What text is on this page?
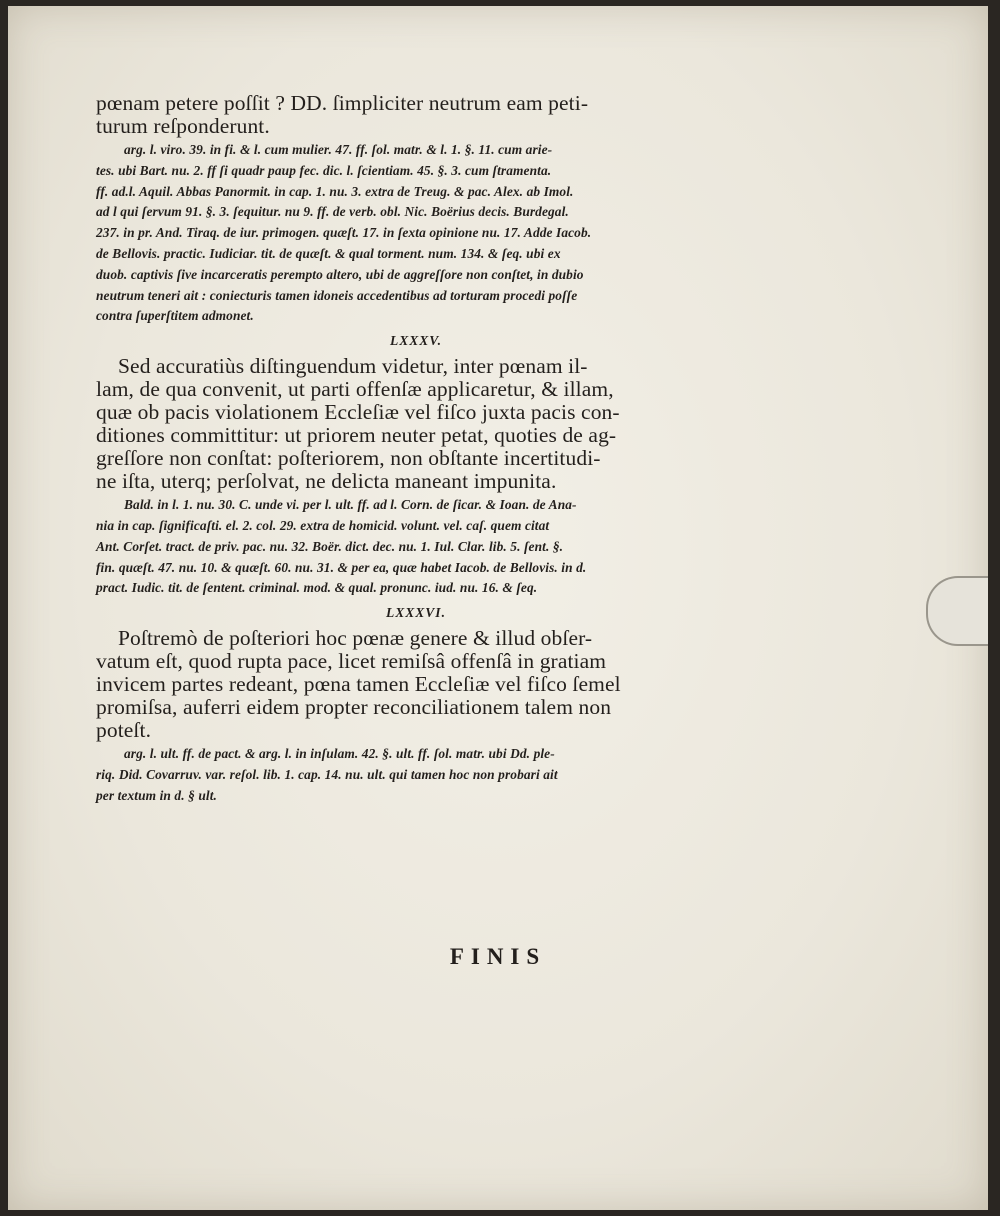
pœnam petere poſſit ? DD. ſimpliciter neutrum eam peti-
turum reſponderunt.
arg. l. viro. 39. in fi. & l. cum mulier. 47. ff. ſol. matr. & l. 1. §. 11. cum arie-
tes. ubi Bart. nu. 2. ff ſi quadr paup fec. dic. l. ſcientiam. 45. §. 3. cum ſtramenta.
ff. ad.l. Aquil. Abbas Panormit. in cap. 1. nu. 3. extra de Treug. & pac. Alex. ab Imol.
ad l qui ſervum 91. §. 3. ſequitur. nu 9. ff. de verb. obl. Nic. Boërius decis. Burdegal.
237. in pr. And. Tiraq. de iur. primogen. quæſt. 17. in ſexta opinione nu. 17. Adde Iacob.
de Bellovis. practic. Iudiciar. tit. de quæſt. & qual torment. num. 134. & ſeq. ubi ex
duob. captivis ſive incarceratis perempto altero, ubi de aggreſſore non conſtet, in dubio
neutrum teneri ait : coniecturis tamen idoneis accedentibus ad torturam procedi poſſe
contra ſuperſtitem admonet.
LXXXV.
Sed accuratiùs diſtinguendum videtur, inter pœnam il-
lam, de qua convenit, ut parti offenſæ applicaretur, & illam,
quæ ob pacis violationem Eccleſiæ vel fiſco juxta pacis con-
ditiones committitur: ut priorem neuter petat, quoties de ag-
greſſore non conſtat: poſteriorem, non obſtante incertitudi-
ne iſta, uterq; perſolvat, ne delicta maneant impunita.
Bald. in l. 1. nu. 30. C. unde vi. per l. ult. ff. ad l. Corn. de ſicar. & Ioan. de Ana-
nia in cap. ſignificaſti. el. 2. col. 29. extra de homicid. volunt. vel. caſ. quem citat
Ant. Corſet. tract. de priv. pac. nu. 32. Boër. dict. dec. nu. 1. Iul. Clar. lib. 5. ſent. §.
fin. quæſt. 47. nu. 10. & quæſt. 60. nu. 31. & per ea, quæ habet Iacob. de Bellovis. in d.
pract. Iudic. tit. de ſentent. criminal. mod. & qual. pronunc. iud. nu. 16. & ſeq.
LXXXVI.
Poſtremò de poſteriori hoc pœnæ genere & illud obſer-
vatum eſt, quod rupta pace, licet remiſsâ offenſâ in gratiam
invicem partes redeant, pœna tamen Eccleſiæ vel fiſco ſemel
promiſsa, auferri eidem propter reconciliationem talem non
poteſt.
arg. l. ult. ff. de pact. & arg. l. in inſulam. 42. §. ult. ff. ſol. matr. ubi Dd. ple-
riq. Did. Covarruv. var. reſol. lib. 1. cap. 14. nu. ult. qui tamen hoc non probari ait
per textum in d. § ult.
FINIS
